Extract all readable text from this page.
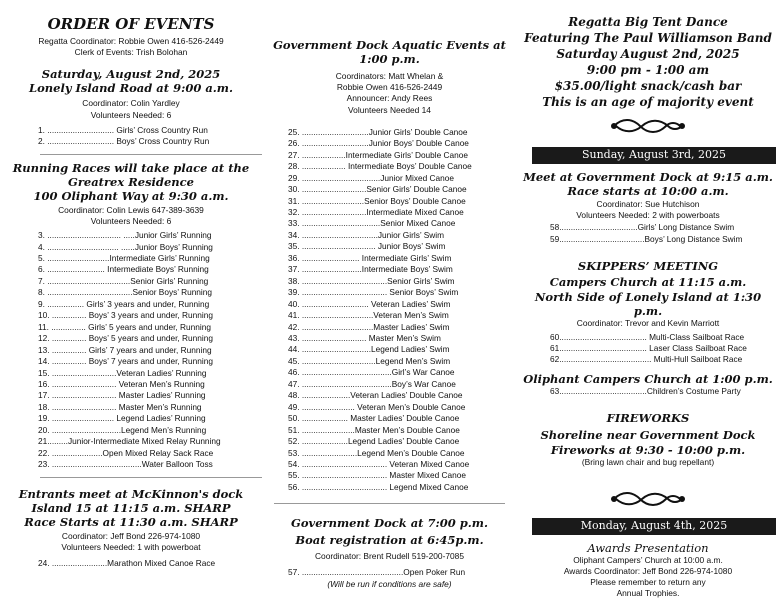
ORDER OF EVENTS
Regatta Coordinator: Robbie Owen 416-526-2449
Clerk of Events: Trish Bolohan
Saturday, August 2nd, 2025
Lonely Island Road at 9:00 a.m.
Coordinator: Colin Yardley
Volunteers Needed: 6
1. ............................. Girls’ Cross Country Run
2. ............................. Boys’ Cross Country Run
Running Races will take place at the
Greatrex Residence
100 Oliphant Way at 9:30 a.m.
Coordinator: Colin Lewis 647-389-3639
Volunteers Needed: 6
3. ................................ .....Junior Girls’ Running
4. ............................... ......Junior Boys’ Running
5. ...........................Intermediate Girls’ Running
6. ......................... Intermediate Boys’ Running
7. ....................................Senior Girls’ Running
8. .....................................Senior Boys’ Running
9. ................ Girls’ 3 years and under, Running
10. ............... Boys’ 3 years and under, Running
11. ............... Girls’ 5 years and under, Running
12. ............... Boys’ 5 years and under, Running
13. ............... Girls’ 7 years and under, Running
14. ............... Boys’ 7 years and under, Running
15. ............................Veteran Ladies’ Running
16. ............................ Veteran Men’s Running
17. ............................ Master Ladies’ Running
18. ............................ Master Men’s Running
19. ........................... Legend Ladies’ Running
20. ..............................Legend Men’s Running
21.........Junior-Intermediate Mixed Relay Running
22. ......................Open Mixed Relay Sack Race
23. .......................................Water Balloon Toss
Entrants meet at McKinnon's dock
Island 15 at 11:15 a.m. SHARP
Race Starts at 11:30 a.m. SHARP
Coordinator: Jeff Bond 226-974-1080
Volunteers Needed: 1 with powerboat
24. ........................Marathon Mixed Canoe Race
Government Dock Aquatic Events at 1:00 p.m.
Coordinators: Matt Whelan &
Robbie Owen 416-526-2449
Announcer: Andy Rees
Volunteers Needed 14
25. .............................Junior Girls’ Double Canoe
26. .............................Junior Boys’ Double Canoe
27. ...................Intermediate Girls’ Double Canoe
28. ................... Intermediate Boys’ Double Canoe
29. ..................................Junior Mixed Canoe
30. ............................Senior Girls’ Double Canoe
31. ...........................Senior Boys’ Double Canoe
32. ............................Intermediate Mixed Canoe
33. ..................................Senior Mixed Canoe
34. .................................Junior Girls’ Swim
35. ................................ Junior Boys’ Swim
36. ......................... Intermediate Girls’ Swim
37. ..........................Intermediate Boys’ Swim
38. .....................................Senior Girls’ Swim
39. ..................................... Senior Boys’ Swim
40. ............................. Veteran Ladies’ Swim
41. ...............................Veteran Men’s Swim
42. ...............................Master Ladies’ Swim
43. ............................ Master Men’s Swim
44. ..............................Legend Ladies’ Swim
45. ................................Legend Men’s Swim
46. .......................................Girl’s War Canoe
47. .......................................Boy’s War Canoe
48. .....................Veteran Ladies’ Double Canoe
49. ....................... Veteran Men’s Double Canoe
50. .................... Master Ladies’ Double Canoe
51. .......................Master Men’s Double Canoe
52. ....................Legend Ladies’ Double Canoe
53. ........................Legend Men’s Double Canoe
54. ..................................... Veteran Mixed Canoe
55. ..................................... Master Mixed Canoe
56. ..................................... Legend Mixed Canoe
Government Dock at 7:00 p.m.
Boat registration at 6:45p.m.
Coordinator: Brent Rudell 519-200-7085
57. ............................................Open Poker Run
(Will be run if conditions are safe)
Regatta Big Tent Dance
Featuring The Paul Williamson Band
Saturday August 2nd, 2025
9:00 pm - 1:00 am
$35.00/light snack/cash bar
This is an age of majority event
Sunday, August 3rd, 2025
Meet at Government Dock at 9:15 a.m.
Race starts at 10:00 a.m.
Coordinator: Sue Hutchison
Volunteers Needed: 2 with powerboats
58..................................Girls’ Long Distance Swim
59.....................................Boys’ Long Distance Swim
SKIPPERS’ MEETING
Campers Church at 11:15 a.m.
North Side of Lonely Island at 1:30 p.m.
Coordinator: Trevor and Kevin Marriott
60...................................... Multi-Class Sailboat Race
61...................................... Laser Class Sailboat Race
62........................................ Multi-Hull Sailboat Race
Oliphant Campers Church at 1:00 p.m.
63......................................Children’s Costume Party
FIREWORKS
Shoreline near Government Dock
Fireworks at 9:30 - 10:00 p.m.
(Bring lawn chair and bug repellant)
Monday, August 4th, 2025
Awards Presentation
Oliphant Campers’ Church at 10:00 a.m.
Awards Coordinator: Jeff Bond 226-974-1080
Please remember to return any
Annual Trophies.
